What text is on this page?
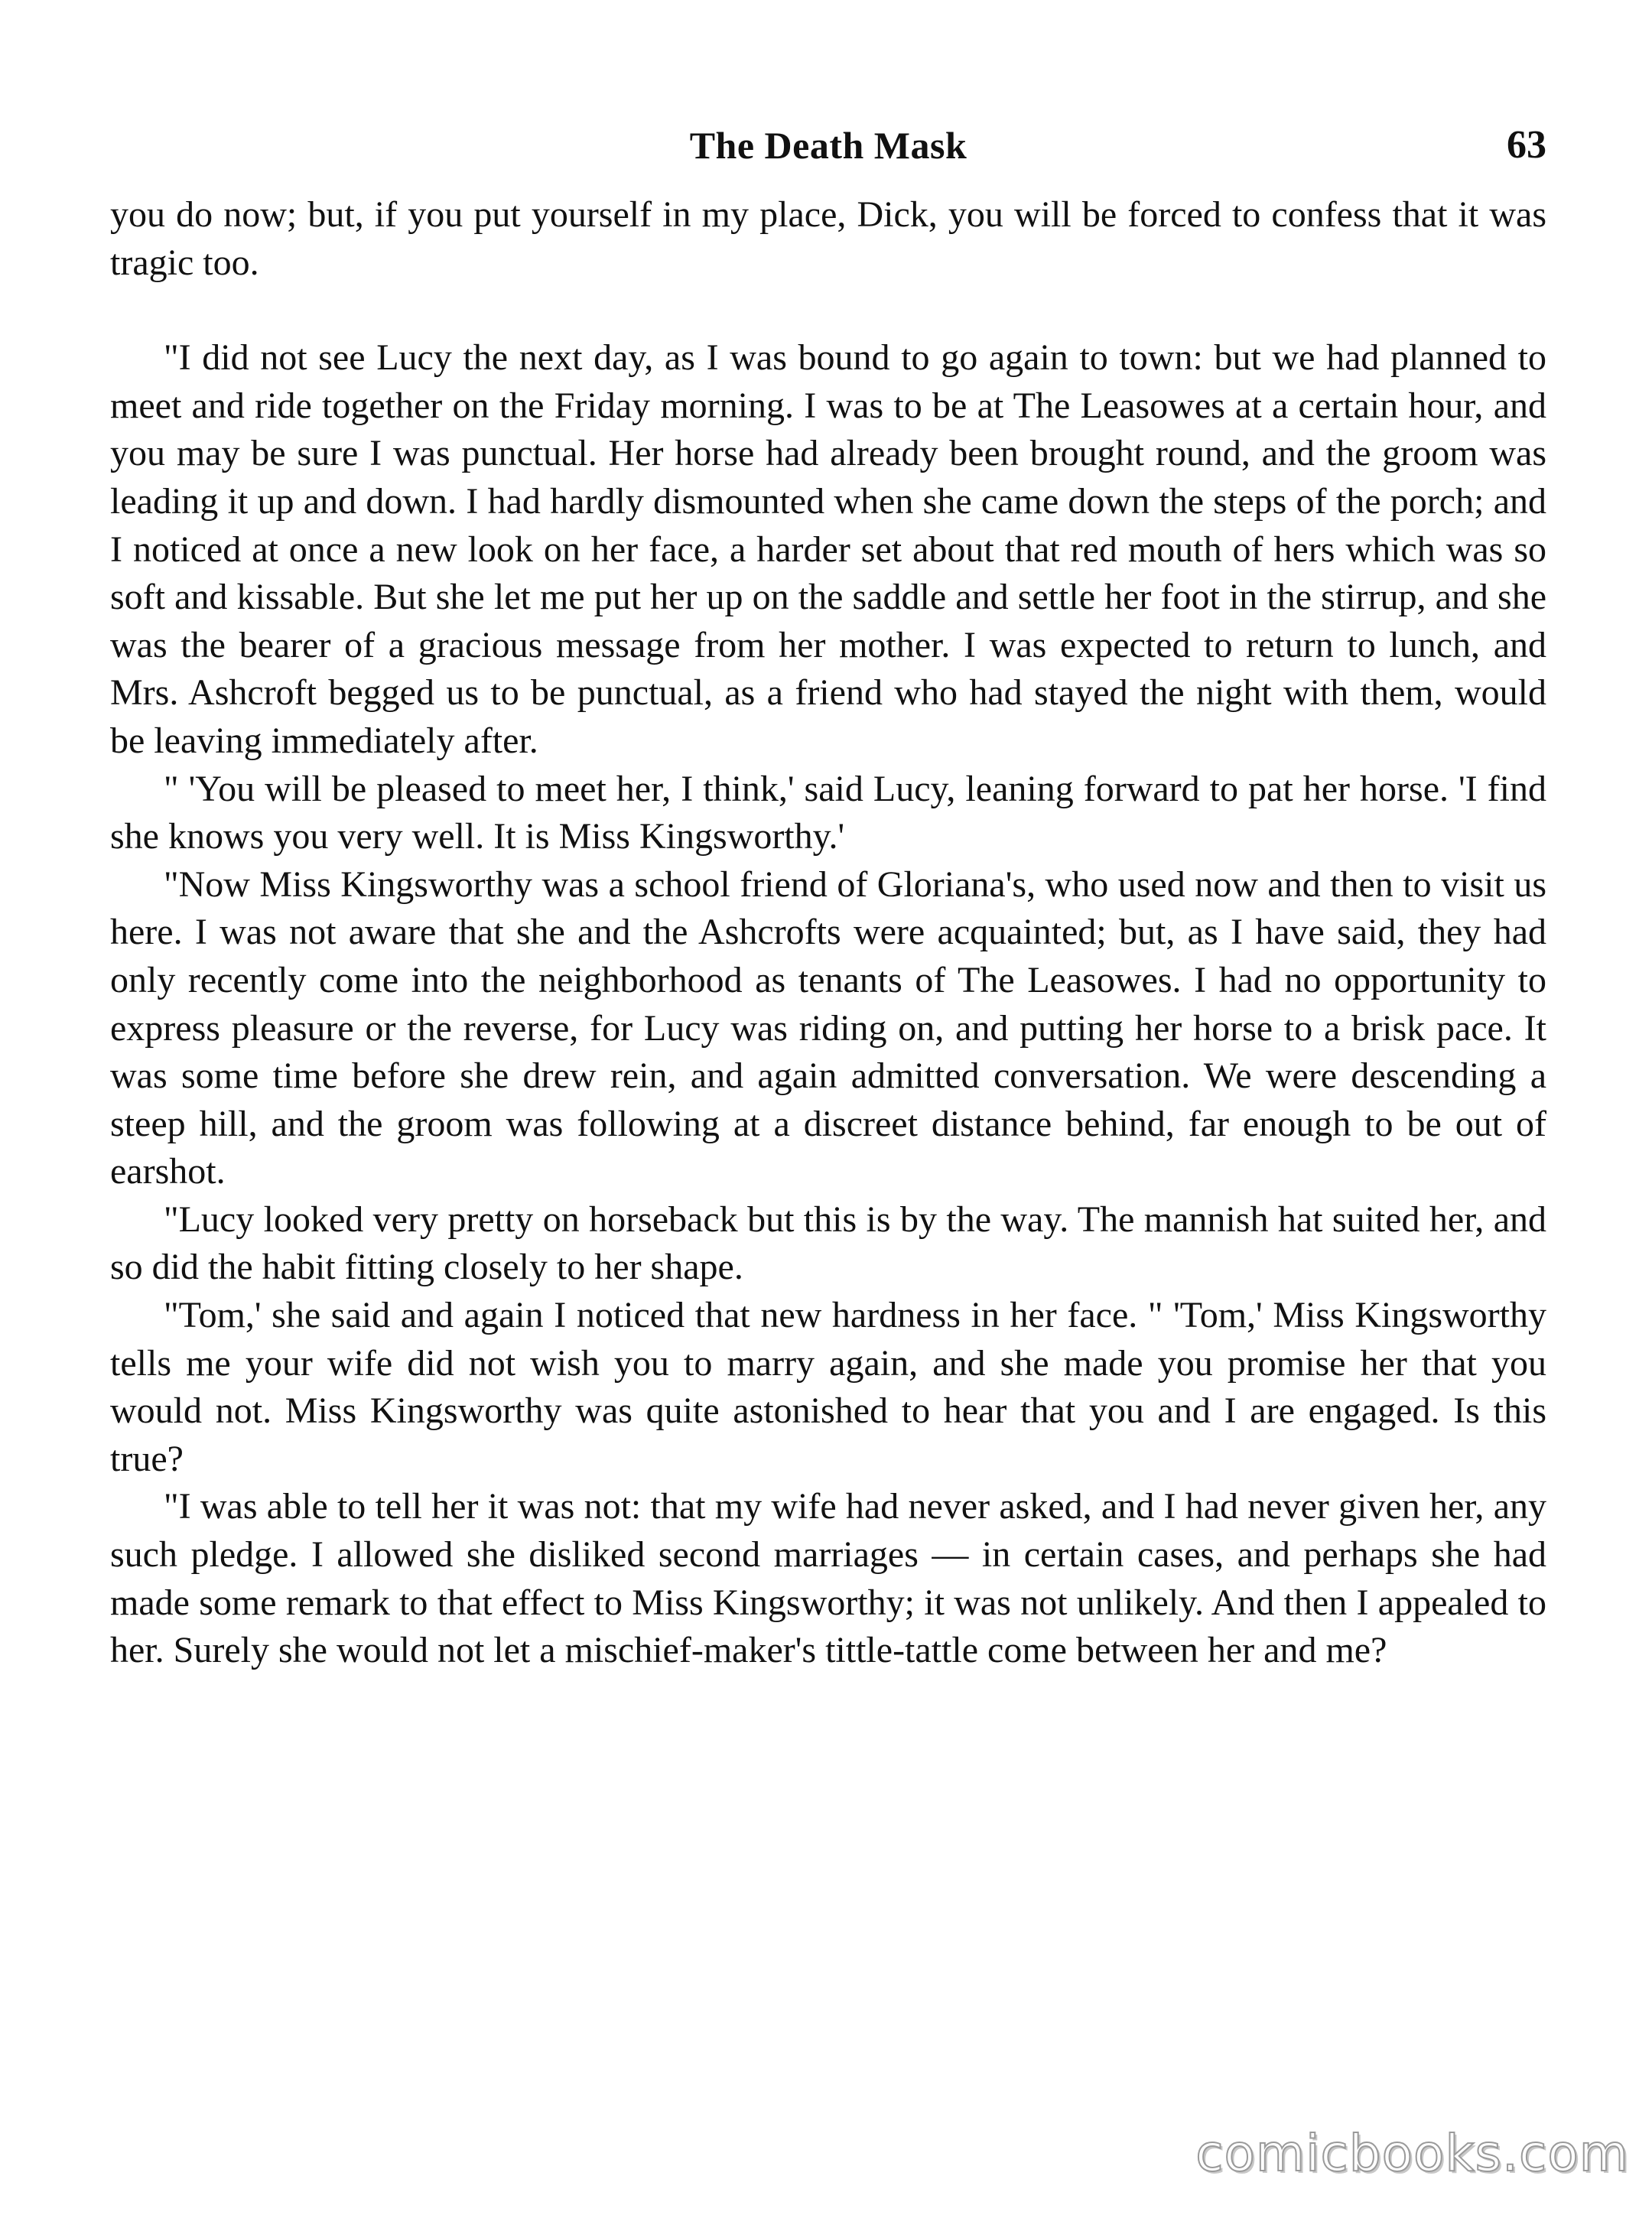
The Death Mask	63

you do now; but, if you put yourself in my place, Dick, you will be forced to confess that it was tragic too.

"I did not see Lucy the next day, as I was bound to go again to town: but we had planned to meet and ride together on the Friday morning. I was to be at The Leasowes at a certain hour, and you may be sure I was punctual. Her horse had already been brought round, and the groom was leading it up and down. I had hardly dismounted when she came down the steps of the porch; and I noticed at once a new look on her face, a harder set about that red mouth of hers which was so soft and kissable. But she let me put her up on the saddle and settle her foot in the stirrup, and she was the bearer of a gracious message from her mother. I was expected to return to lunch, and Mrs. Ashcroft begged us to be punctual, as a friend who had stayed the night with them, would be leaving immediately after.

" 'You will be pleased to meet her, I think,' said Lucy, leaning forward to pat her horse. 'I find she knows you very well. It is Miss Kingsworthy.'

"Now Miss Kingsworthy was a school friend of Gloriana's, who used now and then to visit us here. I was not aware that she and the Ashcrofts were acquainted; but, as I have said, they had only recently come into the neighborhood as tenants of The Leasowes. I had no opportunity to express pleasure or the reverse, for Lucy was riding on, and putting her horse to a brisk pace. It was some time before she drew rein, and again admitted conversation. We were descending a steep hill, and the groom was following at a discreet distance behind, far enough to be out of earshot.

"Lucy looked very pretty on horseback but this is by the way. The mannish hat suited her, and so did the habit fitting closely to her shape.

"Tom,' she said and again I noticed that new hardness in her face. " 'Tom,' Miss Kingsworthy tells me your wife did not wish you to marry again, and she made you promise her that you would not. Miss Kingsworthy was quite astonished to hear that you and I are engaged. Is this true?

"I was able to tell her it was not: that my wife had never asked, and I had never given her, any such pledge. I allowed she disliked second marriages — in certain cases, and perhaps she had made some remark to that effect to Miss Kingsworthy; it was not unlikely. And then I appealed to her. Surely she would not let a mischief-maker's tittle-tattle come between her and me?

comicbooks.com
